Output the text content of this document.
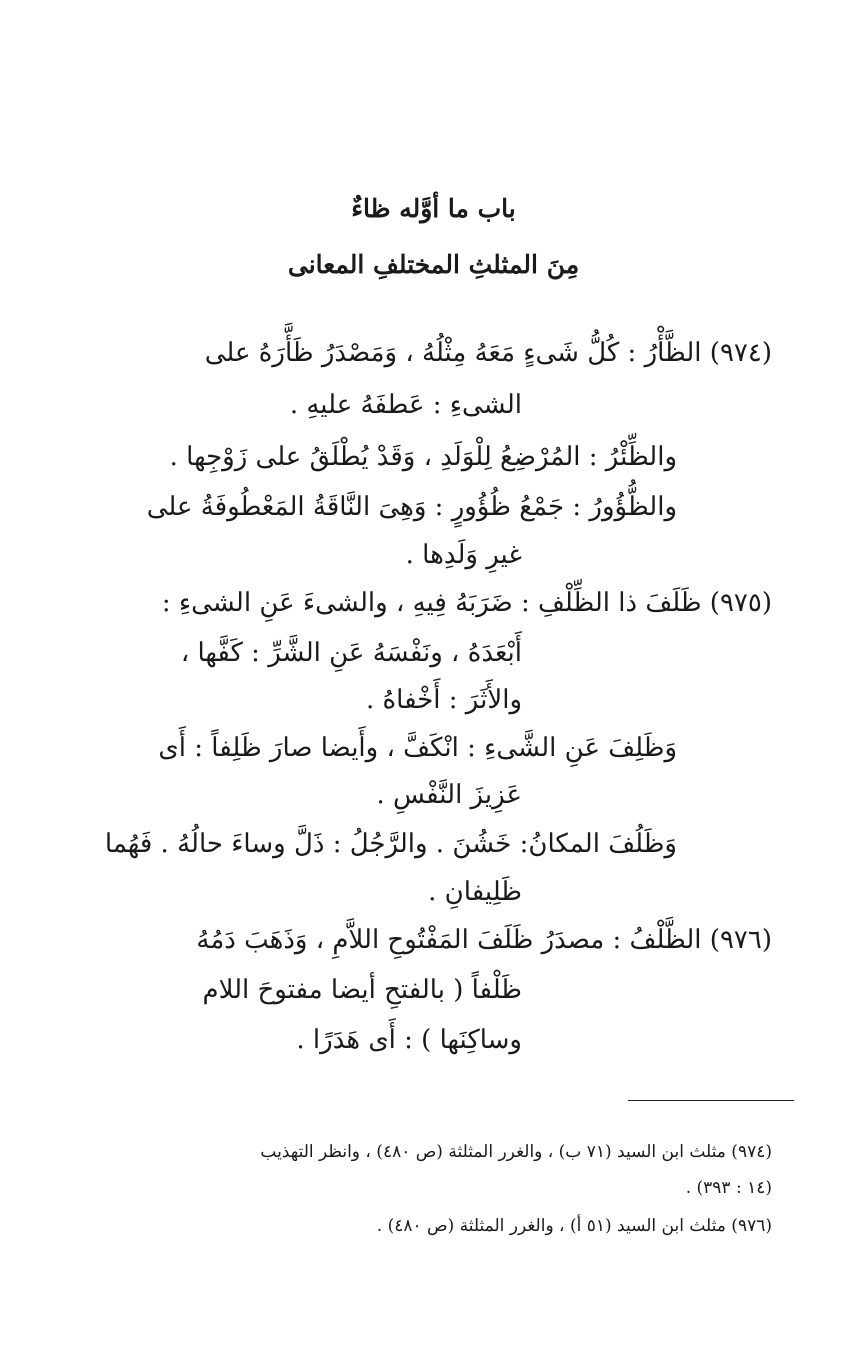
باب ما أوَّله ظاءٌ
مِنَ المثلثِ المختلفِ المعانى
(٩٧٤) الظَّأْرُ : كُلُّ شَىءٍ مَعَهُ مِثْلُهُ ، وَمَصْدَرُ ظَأَّرَهُ على
الشىءِ : عَطفَهُ عليهِ .
والظِّئْرُ : المُرْضِعُ لِلْوَلَدِ ، وَقَدْ يُطْلَقُ على زَوْجِها .
والظُّؤُورُ : جَمْعُ ظُؤُورٍ : وَهِىَ النَّاقَةُ المَعْطُوفَةُ على
غيرِ وَلَدِها .
(٩٧٥) ظَلَفَ ذا الظِّلْفِ : ضَرَبَهُ فِيهِ ، والشىءَ عَنِ الشىءِ :
أَبْعَدَهُ ، ونَفْسَهُ عَنِ الشَّرِّ : كَفَّها ،
والأَثَرَ : أَخْفاهُ .
وَظَلِفَ عَنِ الشَّىءِ : انْكَفَّ ، وأَيضا صارَ ظَلِفاً : أَى
عَزِيزَ النَّفْسِ .
وَظَلُفَ المكانُ: خَشُنَ . والرَّجُلُ : ذَلَّ وساءَ حالُهُ . فَهُما
ظَلِيفانِ .
(٩٧٦) الظَّلْفُ : مصدَرُ ظَلَفَ المَفْتُوحِ اللاَّمِ ، وَذَهَبَ دَمُهُ
ظَلْفاً ( بالفتحِ أيضا مفتوحَ اللام
وساكِنَها ) : أَى هَدَرًا .
(٩٧٤) مثلث ابن السيد (٧١ ب) ، والغرر المثلثة (ص ٤٨٠) ، وانظر التهذيب
(١٤ : ٣٩٣) .
(٩٧٦) مثلث ابن السيد (٥١ أ) ، والغرر المثلثة (ص ٤٨٠) .
